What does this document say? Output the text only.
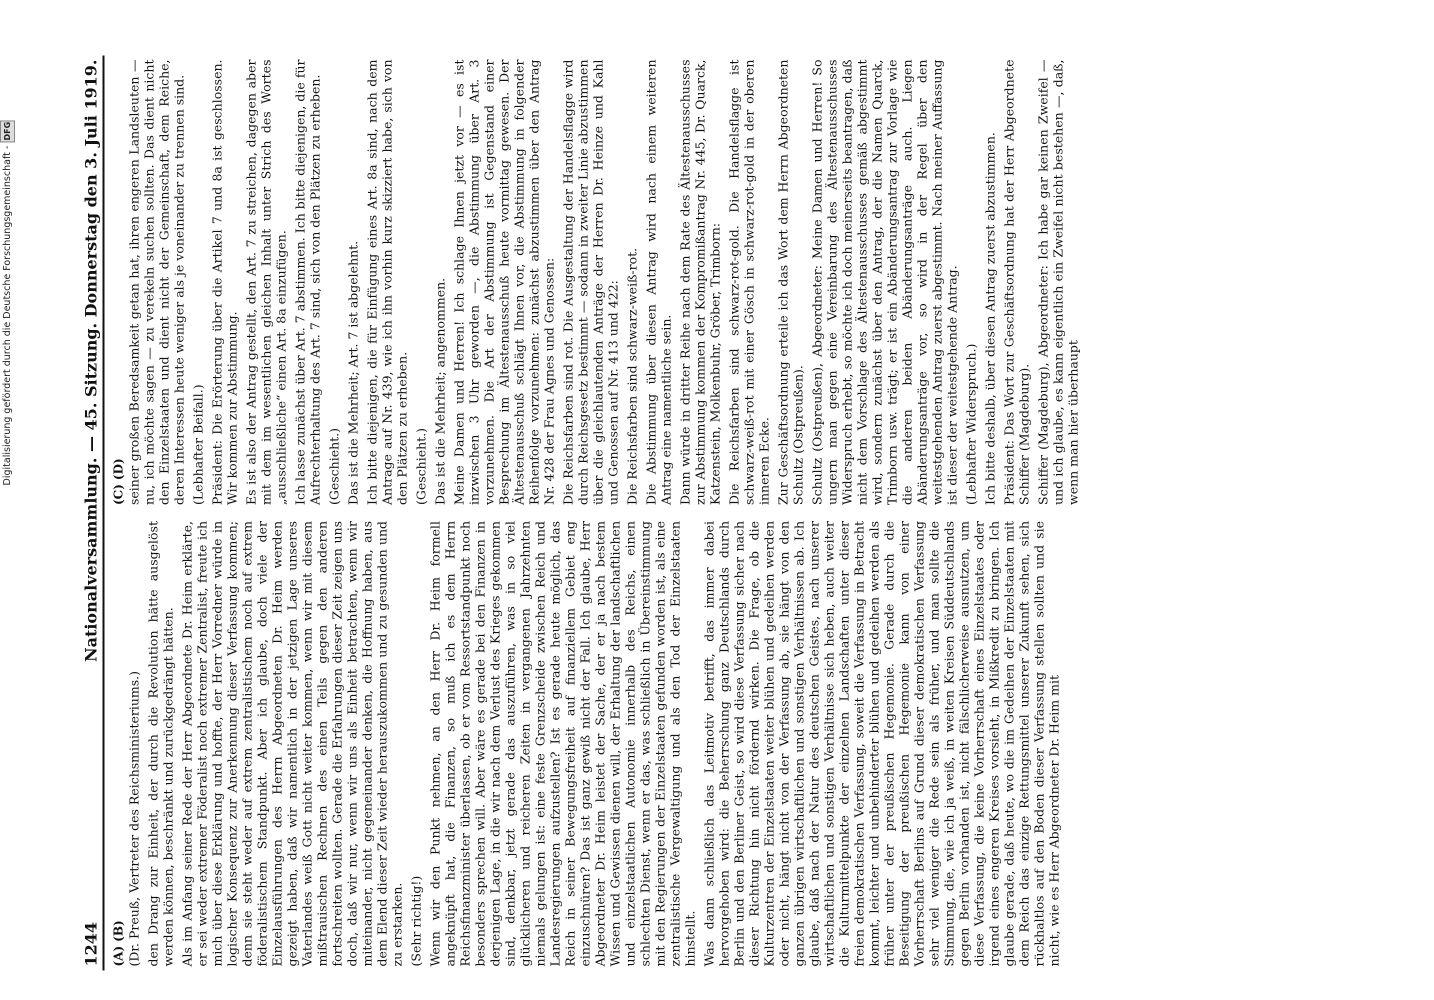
1244
Nationalversammlung. — 45. Sitzung. Donnerstag den 3. Juli 1919.
(A) (B) (Dr. Preuß, Vertreter des Reichsministeriums.) den Drang zur Einheit, der durch die Revolution hätte ausgelöst werden können, beschränkt und zurückgedrängt hätten. Als im Anfang seiner Rede der Herr Abgeordnete Dr. Heim erklärte, er sei weder extremer Föderalist noch extremer Zentralist, freute ich mich über diese Erklärung und hoffte, der Herr Vorredner würde in logischer Konsequenz zur Anerkennung dieser Verfassung kommen; denn sie steht weder auf extrem zentralistischem noch auf extrem föderalistischem Standpunkt. Aber ich glaube, doch viele der Einzelausführungen des Herrn Abgeordneten Dr. Heim werden gezeigt haben, daß wir namentlich in der jetzigen Lage unseres Vaterlandes weiß Gott nicht weiter kommen, wenn wir mit diesem mißtrauischen Rechnen des einen Teils gegen den anderen fortschreiten wollten. Gerade die Erfahrungen dieser Zeit zeigen uns doch, daß wir nur, wenn wir uns als Einheit betrachten, wenn wir miteinander, nicht gegeneinander denken, die Hoffnung haben, aus dem Elend dieser Zeit wieder herauszukommen und zu gesunden und zu erstarken. (Sehr richtig!) Wenn wir den Punkt nehmen, an den Herr Dr. Heim formell angeknüpft hat, die Finanzen, so muß ich es dem Herrn Reichsfinanzminister überlassen, ob er vom Ressortstandpunkt noch besonders sprechen will. Aber wäre es gerade bei den Finanzen in derjenigen Lage, in die wir nach dem Verlust des Krieges gekommen sind, denkbar, jetzt gerade das auszuführen, was in so viel glücklicheren und reicheren Zeiten in vergangenen Jahrzehnten niemals gelungen ist: eine feste Grenzscheide zwischen Reich und Landesregierungen aufzustellen? Ist es gerade heute möglich, das Reich in seiner Bewegungsfreiheit auf finanziellem Gebiet eng einzuschnüren? Das ist ganz gewiß nicht der Fall. Ich glaube, Herr Abgeordneter Dr. Heim leistet der Sache, der er ja nach bestem Wissen und Gewissen dienen will, der Erhaltung der landschaftlichen und einzelstaatlichen Autonomie innerhalb des Reichs, einen schlechten Dienst, wenn er das, was schließlich in Übereinstimmung mit den Regierungen der Einzelstaaten gefunden worden ist, als eine zentralistische Vergewaltigung und als den Tod der Einzelstaaten hinstellt. Was dann schließlich das Leitmotiv betrifft, das immer dabei hervorgehoben wird: die Beherrschung ganz Deutschlands durch Berlin und den Berliner Geist, so wird diese Verfassung sicher nach dieser Richtung hin nicht fördernd wirken. Die Frage, ob die Kulturzentren der Einzelstaaten weiter blühen und gedeihen werden oder nicht, hängt nicht von der Verfassung ab, sie hängt von den ganzen übrigen wirtschaftlichen und sonstigen Verhältnissen ab. Ich glaube, daß nach der Natur des deutschen Geistes, nach unserer wirtschaftlichen und sonstigen Verhältnisse sich heben, auch weiter die Kulturmittelpunkte der einzelnen Landschaften unter dieser freien demokratischen Verfassung, soweit die Verfassung in Betracht kommt, leichter und unbehinderter blühen und gedeihen werden als früher unter der preußischen Hegemonie. Gerade durch die Beseitigung der preußischen Hegemonie kann von einer Vorherrschaft Berlins auf Grund dieser demokratischen Verfassung sehr viel weniger die Rede sein als früher, und man sollte die Stimmung, die, wie ich ja weiß, in weiten Kreisen Süddeutschlands gegen Berlin vorhanden ist, nicht fälschlicherweise ausnutzen, um diese Verfassung, die keine Vorherrschaft eines Einzelstaates oder irgend eines engeren Kreises vorsieht, in Mißkredit zu bringen. Ich glaube gerade, daß heute, wo die im Gedeihen der Einzelstaaten mit dem Reich das einzige Rettungsmittel unserer Zukunft sehen, sich rückhaltlos auf den Boden dieser Verfassung stellen sollten und sie nicht, wie es Herr Abgeordneter Dr. Heim mit

(C) (D) seiner großen Beredsamkeit getan hat, ihren engeren Landsleuten — nu, ich möchte sagen — zu verekeln suchen sollten. Das dient nicht den Einzelstaaten und dient nicht der Gemeinschaft, dem Reiche, deren Interessen heute weniger als je voneinander zu trennen sind. (Lebhafter Beifall.) Präsident: Die Erörterung über die Artikel 7 und 8a ist geschlossen. Wir kommen zur Abstimmung. Es ist also der Antrag gestellt, den Art. 7 zu streichen, dagegen aber mit dem im wesentlichen gleichen Inhalt unter Strich des Wortes „ausschließliche“ einen Art. 8a einzufügen. Ich lasse zunächst über Art. 7 abstimmen. Ich bitte diejenigen, die für Aufrechterhaltung des Art. 7 sind, sich von den Plätzen zu erheben. (Geschieht.) Das ist die Mehrheit; Art. 7 ist abgelehnt. Ich bitte diejenigen, die für Einfügung eines Art. 8a sind, nach dem Antrage auf Nr. 439, wie ich ihn vorhin kurz skizziert habe, sich von den Plätzen zu erheben. (Geschieht.) Das ist die Mehrheit; angenommen. Meine Damen und Herren! Ich schlage Ihnen jetzt vor — es ist inzwischen 3 Uhr geworden —, die Abstimmung über Art. 3 vorzunehmen. Die Art der Abstimmung ist Gegenstand einer Besprechung im Ältestenausschuß heute vormittag gewesen. Der Ältestenausschuß schlägt Ihnen vor, die Abstimmung in folgender Reihenfolge vorzunehmen: zunächst abzustimmen über den Antrag Nr. 428 der Frau Agnes und Genossen: Die Reichsfarben sind rot. Die Ausgestaltung der Handelsflagge wird durch Reichsgesetz bestimmt — sodann in zweiter Linie abzustimmen über die gleichlautenden Anträge der Herren Dr. Heinze und Kahl und Genossen auf Nr. 413 und 422: Die Reichsfarben sind schwarz-weiß-rot. Die Abstimmung über diesen Antrag wird nach einem weiteren Antrag eine namentliche sein. Dann würde in dritter Reihe nach dem Rate des Ältestenausschusses zur Abstimmung kommen der Kompromißantrag Nr. 445, Dr. Quarck, Katzenstein, Molkenbuhr, Gröber, Trimborn: Die Reichsfarben sind schwarz-rot-gold. Die Handelsflagge ist schwarz-weiß-rot mit einer Gösch in schwarz-rot-gold in der oberen inneren Ecke. Zur Geschäftsordnung erteile ich das Wort dem Herrn Abgeordneten Schultz (Ostpreußen). Schultz (Ostpreußen), Abgeordneter: Meine Damen und Herren! So ungern man gegen eine Vereinbarung des Ältestenausschusses Widerspruch erhebt, so möchte ich doch meinerseits beantragen, daß nicht dem Vorschlage des Ältestenausschusses gemäß abgestimmt wird, sondern zunächst über den Antrag, der die Namen Quarck, Trimborn usw. trägt; er ist ein Abänderungsantrag zur Vorlage wie die anderen beiden Abänderungsanträge auch. Liegen Abänderungsanträge vor, so wird in der Regel über den weitestgehenden Antrag zuerst abgestimmt. Nach meiner Auffassung ist dieser der weitestgehende Antrag. (Lebhafter Widerspruch.) Ich bitte deshalb, über diesen Antrag zuerst abzustimmen. Präsident: Das Wort zur Geschäftsordnung hat der Herr Abgeordnete Schiffer (Magdeburg). Schiffer (Magdeburg), Abgeordneter: Ich habe gar keinen Zweifel — und ich glaube, es kann eigentlich ein Zweifel nicht bestehen —, daß, wenn man hier überhaupt

Digitalisierung gefördert durch die Deutsche Forschungsgemeinschaft - DFG
